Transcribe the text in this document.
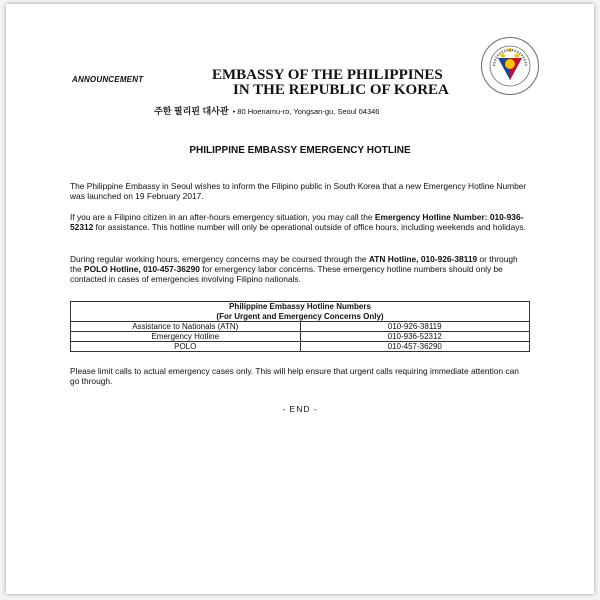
ANNOUNCEMENT	EMBASSY OF THE PHILIPPINES
IN THE REPUBLIC OF KOREA
주한 필리핀 대사관 • 80 Hoenamu-ro, Yongsan-gu, Seoul 04346
PHILIPPINE EMBASSY EMERGENCY HOTLINE
The Philippine Embassy in Seoul wishes to inform the Filipino public in South Korea that a new Emergency Hotline Number was launched on 19 February 2017.
If you are a Filipino citizen in an after-hours emergency situation, you may call the Emergency Hotline Number: 010-936-52312 for assistance. This hotline number will only be operational outside of office hours, including weekends and holidays.
During regular working hours, emergency concerns may be coursed through the ATN Hotline, 010-926-38119 or through the POLO Hotline, 010-457-36290 for emergency labor concerns. These emergency hotline numbers should only be contacted in cases of emergencies involving Filipino nationals.
Philippine Embassy Hotline Numbers
(For Urgent and Emergency Concerns Only)	
Assistance to Nationals (ATN)	010-926-38119
Emergency Hotline	010-936-52312
POLO	010-457-36290
Please limit calls to actual emergency cases only. This will help ensure that urgent calls requiring immediate attention can go through.
- END -
